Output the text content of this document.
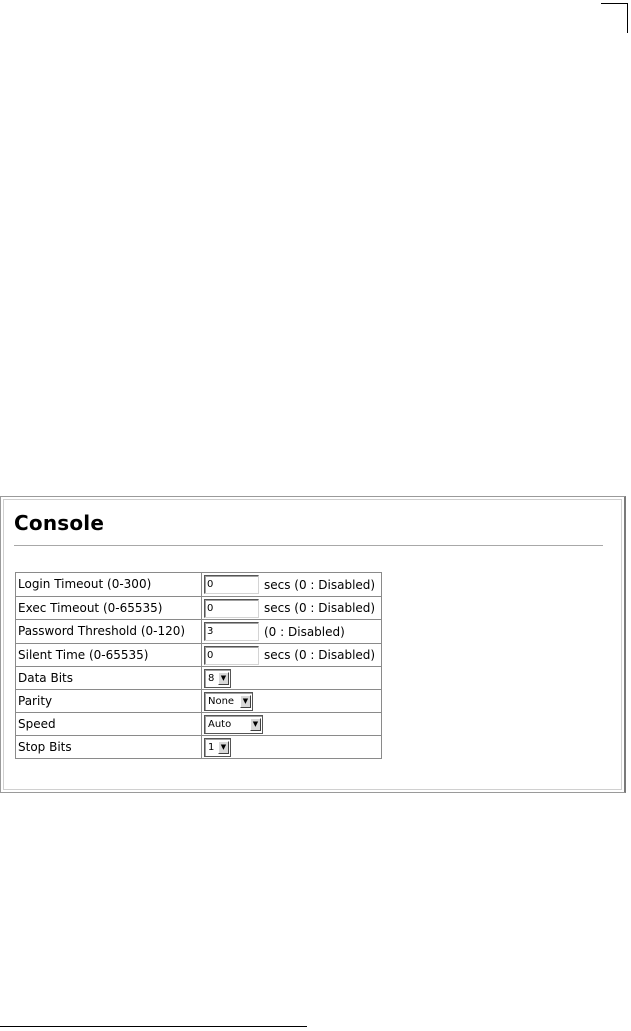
Console
Login Timeout (0-300)	0 secs (0 : Disabled)
Exec Timeout (0-65535)	0 secs (0 : Disabled)
Password Threshold (0-120)	3 (0 : Disabled)
Silent Time (0-65535)	0 secs (0 : Disabled)
Data Bits	8 ▼

Parity	None ▼

Speed	Auto ▼

Stop Bits	1 ▼
